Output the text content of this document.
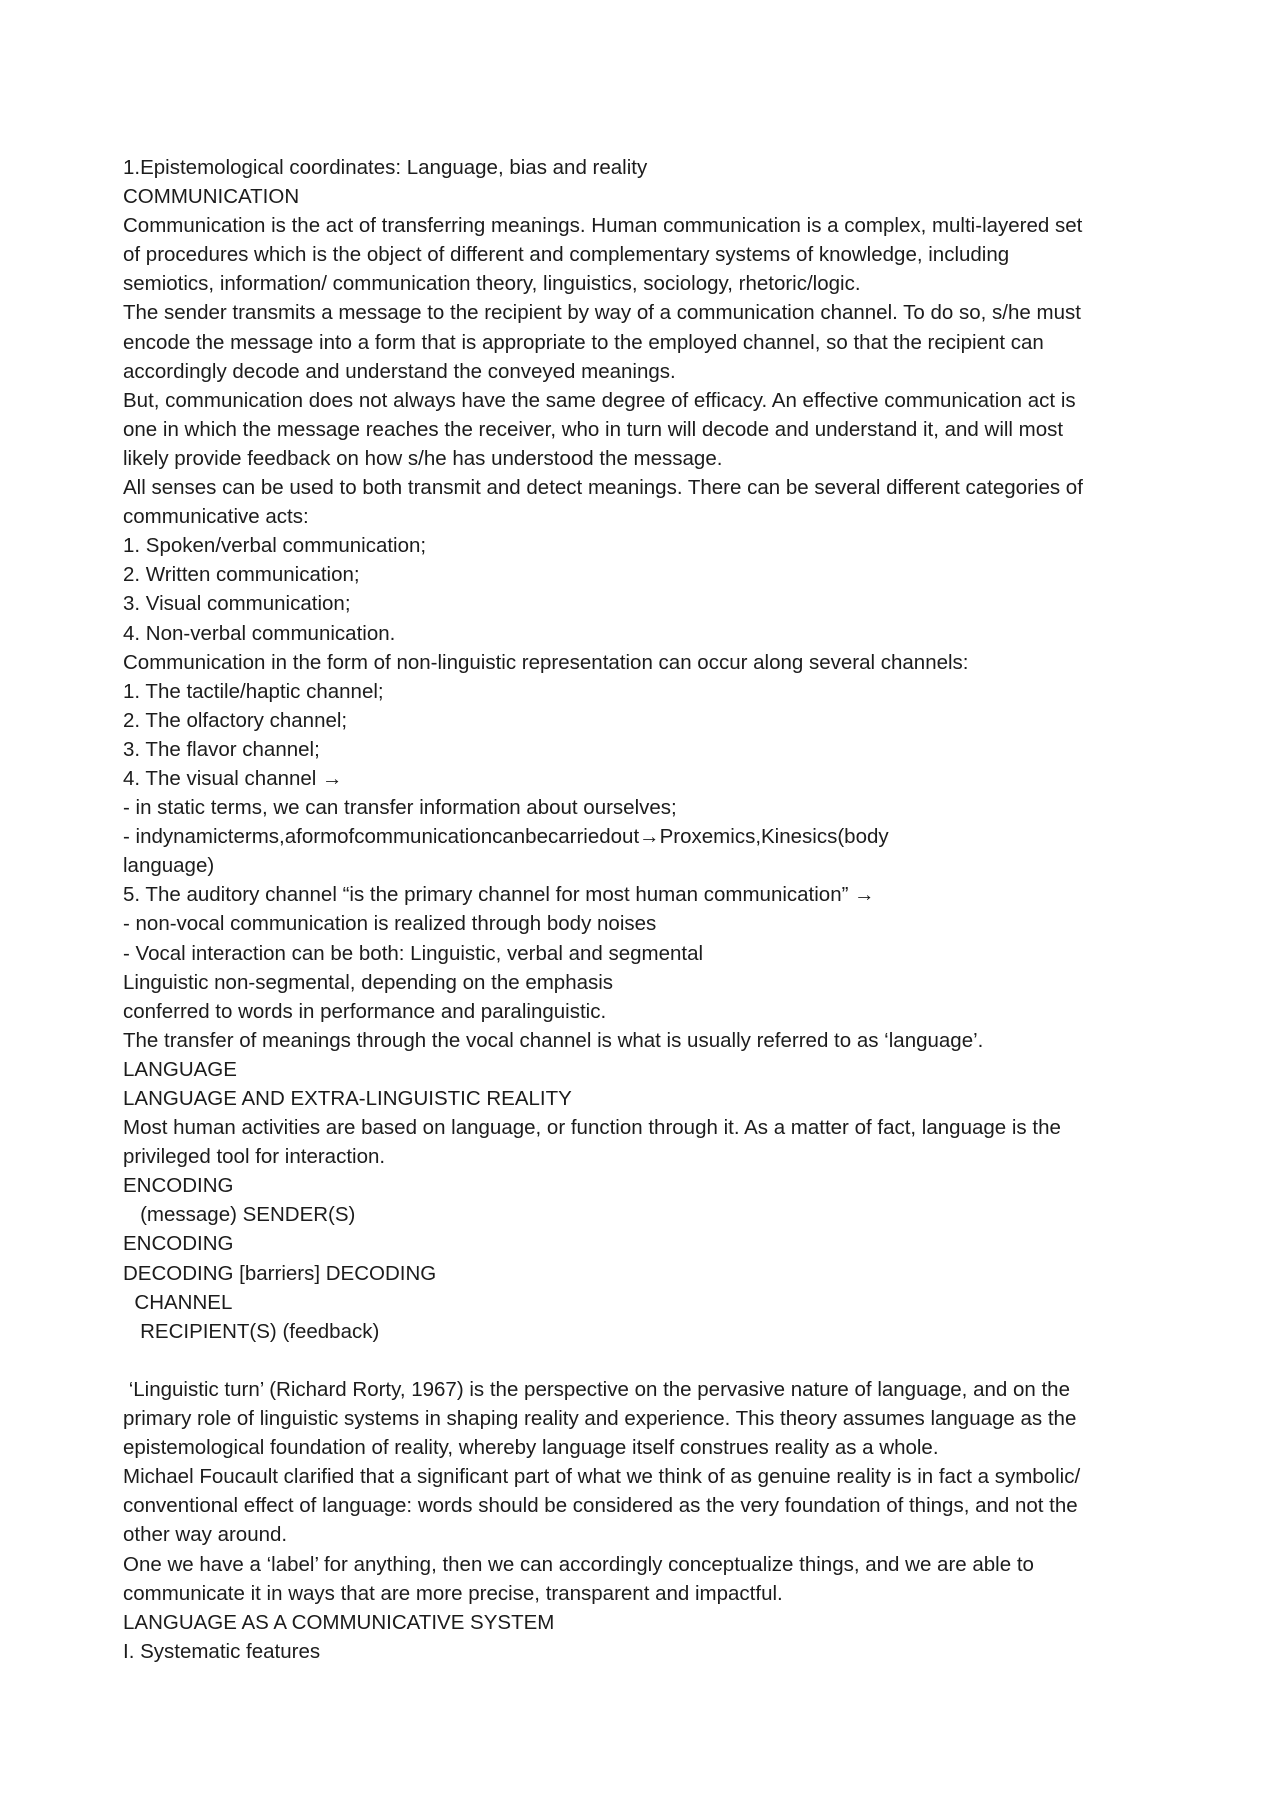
1.Epistemological coordinates: Language, bias and reality
COMMUNICATION
Communication is the act of transferring meanings. Human communication is a complex, multi-layered set
of procedures which is the object of different and complementary systems of knowledge, including
semiotics, information/ communication theory, linguistics, sociology, rhetoric/logic.
The sender transmits a message to the recipient by way of a communication channel. To do so, s/he must
encode the message into a form that is appropriate to the employed channel, so that the recipient can
accordingly decode and understand the conveyed meanings.
But, communication does not always have the same degree of efficacy. An effective communication act is
one in which the message reaches the receiver, who in turn will decode and understand it, and will most
likely provide feedback on how s/he has understood the message.
All senses can be used to both transmit and detect meanings. There can be several different categories of
communicative acts:
1. Spoken/verbal communication;
2. Written communication;
3. Visual communication;
4. Non-verbal communication.
Communication in the form of non-linguistic representation can occur along several channels:
1. The tactile/haptic channel;
2. The olfactory channel;
3. The flavor channel;
4. The visual channel →
- in static terms, we can transfer information about ourselves;
- indynamicterms,aformofcommunicationcanbecarriedout→Proxemics,Kinesics(body
language)
5. The auditory channel “is the primary channel for most human communication” →
- non-vocal communication is realized through body noises
- Vocal interaction can be both: Linguistic, verbal and segmental
Linguistic non-segmental, depending on the emphasis
conferred to words in performance and paralinguistic.
The transfer of meanings through the vocal channel is what is usually referred to as ‘language’.
LANGUAGE
LANGUAGE AND EXTRA-LINGUISTIC REALITY
Most human activities are based on language, or function through it. As a matter of fact, language is the
privileged tool for interaction.
ENCODING
(message) SENDER(S)
ENCODING
DECODING [barriers] DECODING
CHANNEL
RECIPIENT(S) (feedback)
‘Linguistic turn’ (Richard Rorty, 1967) is the perspective on the pervasive nature of language, and on the
primary role of linguistic systems in shaping reality and experience. This theory assumes language as the
epistemological foundation of reality, whereby language itself construes reality as a whole.
Michael Foucault clarified that a significant part of what we think of as genuine reality is in fact a symbolic/
conventional effect of language: words should be considered as the very foundation of things, and not the
other way around.
One we have a ‘label’ for anything, then we can accordingly conceptualize things, and we are able to
communicate it in ways that are more precise, transparent and impactful.
LANGUAGE AS A COMMUNICATIVE SYSTEM
I. Systematic features
